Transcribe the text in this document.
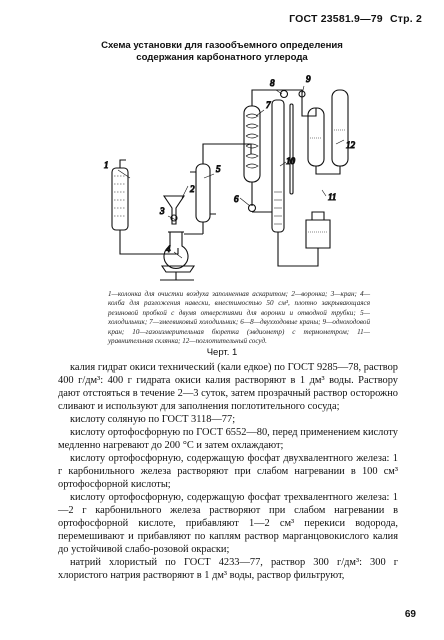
ГОСТ 23581.9—79 Стр. 2
Схема установки для газообъемного определения
содержания карбонатного углерода
1
2
3
4
5
6
7
8	9
10
11
12
1—колонка для очистки воздуха заполненная аскаритом; 2—воронка; 3—кран; 4—колба для разложения навески, вместимостью 50 см³, плотно закрывающаяся резиновой пробкой с двумя отверстиями для воронки и отводной трубки; 5—холодильник; 7—змеевиковый холодильник; 6—8—двухходовые краны; 9—одноходовой кран; 10—газоизмерительная бюретка (эвдиометр) с термометром; 11—уравнительная склянка; 12—поглотительный сосуд.
Черт. 1

калия гидрат окиси технический (кали едкое) по ГОСТ 9285—78, раствор 400 г/дм³: 400 г гидрата окиси калия растворяют в 1 дм³ воды. Раствору дают отстояться в течение 2—3 суток, затем прозрачный раствор осторожно сливают и используют для заполнения поглотительного сосуда;

кислоту соляную по ГОСТ 3118—77;

кислоту ортофосфорную по ГОСТ 6552—80, перед применением кислоту медленно нагревают до 200 °С и затем охлаждают;

кислоту ортофосфорную, содержащую фосфат двухвалентного железа: 1 г карбонильного железа растворяют при слабом нагревании в 100 см³ ортофосфорной кислоты;

кислоту ортофосфорную, содержащую фосфат трехвалентного железа: 1—2 г карбонильного железа растворяют при слабом нагревании в ортофосфорной кислоте, прибавляют 1—2 см³ перекиси водорода, перемешивают и прибавляют по каплям раствор марганцовокислого калия до устойчивой слабо-розовой окраски;

натрий хлористый по ГОСТ 4233—77, раствор 300 г/дм³: 300 г хлористого натрия растворяют в 1 дм³ воды, раствор фильтруют,

69
